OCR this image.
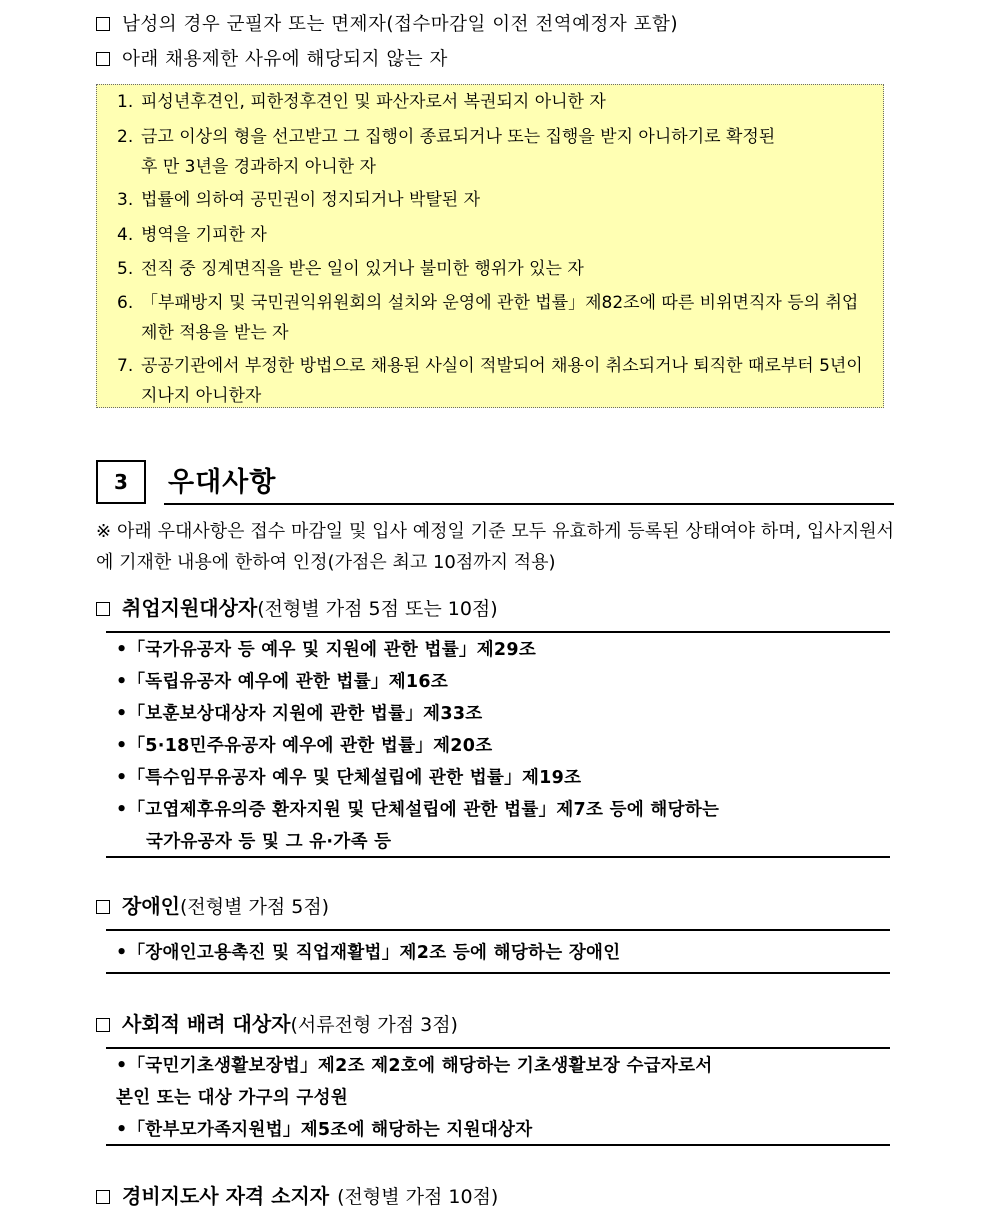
남성의 경우 군필자 또는 면제자(접수마감일 이전 전역예정자 포함)
아래 채용제한 사유에 해당되지 않는 자
1. 피성년후견인, 피한정후견인 및 파산자로서 복권되지 아니한 자
2. 금고 이상의 형을 선고받고 그 집행이 종료되거나 또는 집행을 받지 아니하기로 확정된
후 만 3년을 경과하지 아니한 자
3. 법률에 의하여 공민권이 정지되거나 박탈된 자
4. 병역을 기피한 자
5. 전직 중 징계면직을 받은 일이 있거나 불미한 행위가 있는 자
6. 「부패방지 및 국민권익위원회의 설치와 운영에 관한 법률」제82조에 따른 비위면직자 등의 취업
제한 적용을 받는 자
7. 공공기관에서 부정한 방법으로 채용된 사실이 적발되어 채용이 취소되거나 퇴직한 때로부터 5년이
지나지 아니한자
3	우대사항
※ 아래 우대사항은 접수 마감일 및 입사 예정일 기준 모두 유효하게 등록된 상태여야 하며, 입사지원서에 기재한 내용에 한하여 인정(가점은 최고 10점까지 적용)
취업지원대상자(전형별 가점 5점 또는 10점)
•「국가유공자 등 예우 및 지원에 관한 법률」제29조
•「독립유공자 예우에 관한 법률」제16조
•「보훈보상대상자 지원에 관한 법률」제33조
•「5·18민주유공자 예우에 관한 법률」제20조
•「특수임무유공자 예우 및 단체설립에 관한 법률」제19조
•「고엽제후유의증 환자지원 및 단체설립에 관한 법률」제7조 등에 해당하는
국가유공자 등 및 그 유·가족 등
장애인(전형별 가점 5점)
•「장애인고용촉진 및 직업재활법」제2조 등에 해당하는 장애인
사회적 배려 대상자(서류전형 가점 3점)
•「국민기초생활보장법」제2조 제2호에 해당하는 기초생활보장 수급자로서
본인 또는 대상 가구의 구성원
•「한부모가족지원법」제5조에 해당하는 지원대상자
경비지도사 자격 소지자 (전형별 가점 10점)
